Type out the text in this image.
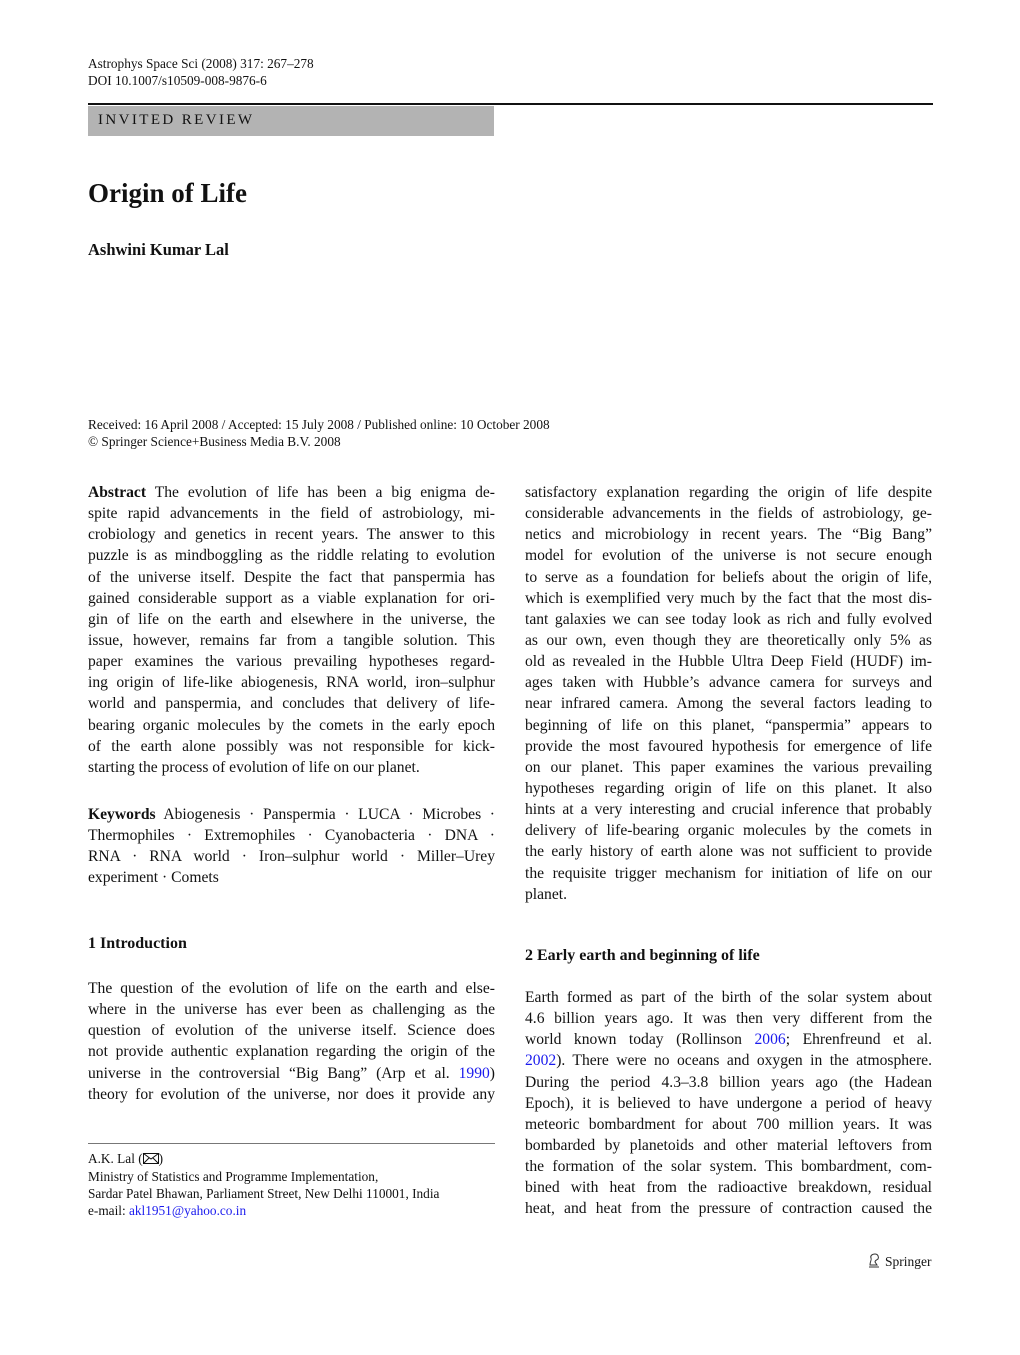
Astrophys Space Sci (2008) 317: 267–278
DOI 10.1007/s10509-008-9876-6
INVITED REVIEW
Origin of Life
Ashwini Kumar Lal
Received: 16 April 2008 / Accepted: 15 July 2008 / Published online: 10 October 2008
© Springer Science+Business Media B.V. 2008
Abstract The evolution of life has been a big enigma de-
spite rapid advancements in the field of astrobiology, mi-
crobiology and genetics in recent years. The answer to this
puzzle is as mindboggling as the riddle relating to evolution
of the universe itself. Despite the fact that panspermia has
gained considerable support as a viable explanation for ori-
gin of life on the earth and elsewhere in the universe, the
issue, however, remains far from a tangible solution. This
paper examines the various prevailing hypotheses regard-
ing origin of life-like abiogenesis, RNA world, iron–sulphur
world and panspermia, and concludes that delivery of life-
bearing organic molecules by the comets in the early epoch
of the earth alone possibly was not responsible for kick-
starting the process of evolution of life on our planet.
Keywords Abiogenesis · Panspermia · LUCA · Microbes ·
Thermophiles · Extremophiles · Cyanobacteria · DNA ·
RNA · RNA world · Iron–sulphur world · Miller–Urey
experiment · Comets
1 Introduction
The question of the evolution of life on the earth and else-
where in the universe has ever been as challenging as the
question of evolution of the universe itself. Science does
not provide authentic explanation regarding the origin of the
universe in the controversial “Big Bang” (Arp et al. 1990)
theory for evolution of the universe, nor does it provide any
A.K. Lal ( )
Ministry of Statistics and Programme Implementation,
Sardar Patel Bhawan, Parliament Street, New Delhi 110001, India
e-mail: akl1951@yahoo.co.in
satisfactory explanation regarding the origin of life despite
considerable advancements in the fields of astrobiology, ge-
netics and microbiology in recent years. The “Big Bang”
model for evolution of the universe is not secure enough
to serve as a foundation for beliefs about the origin of life,
which is exemplified very much by the fact that the most dis-
tant galaxies we can see today look as rich and fully evolved
as our own, even though they are theoretically only 5% as
old as revealed in the Hubble Ultra Deep Field (HUDF) im-
ages taken with Hubble’s advance camera for surveys and
near infrared camera. Among the several factors leading to
beginning of life on this planet, “panspermia” appears to
provide the most favoured hypothesis for emergence of life
on our planet. This paper examines the various prevailing
hypotheses regarding origin of life on this planet. It also
hints at a very interesting and crucial inference that probably
delivery of life-bearing organic molecules by the comets in
the early history of earth alone was not sufficient to provide
the requisite trigger mechanism for initiation of life on our
planet.
2 Early earth and beginning of life
Earth formed as part of the birth of the solar system about
4.6 billion years ago. It was then very different from the
world known today (Rollinson 2006; Ehrenfreund et al.
2002). There were no oceans and oxygen in the atmosphere.
During the period 4.3–3.8 billion years ago (the Hadean
Epoch), it is believed to have undergone a period of heavy
meteoric bombardment for about 700 million years. It was
bombarded by planetoids and other material leftovers from
the formation of the solar system. This bombardment, com-
bined with heat from the radioactive breakdown, residual
heat, and heat from the pressure of contraction caused the
Springer
